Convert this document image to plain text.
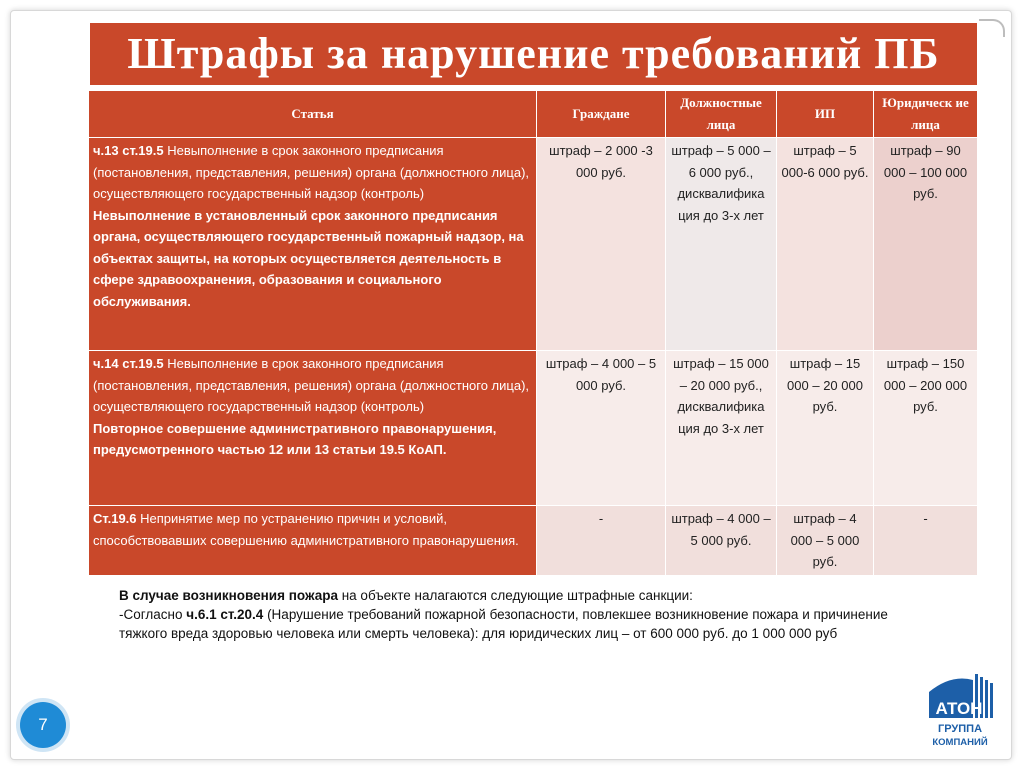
Штрафы за нарушение требований ПБ
Статья	Граждане	Должностные лица	ИП	Юридическ ие лица
ч.13 ст.19.5 Невыполнение в срок законного предписания (постановления, представления, решения) органа (должностного лица), осуществляющего государственный надзор (контроль)
Невыполнение в установленный срок законного предписания органа, осуществляющего государственный пожарный надзор, на объектах защиты, на которых осуществляется деятельность в сфере здравоохранения, образования и социального обслуживания.	штраф – 2 000 -3 000 руб.	штраф – 5 000 – 6 000 руб., дисквалифика ция до 3-х лет	штраф – 5 000-6 000 руб.	штраф – 90 000 – 100 000 руб.
ч.14 ст.19.5 Невыполнение в срок законного предписания (постановления, представления, решения) органа (должностного лица), осуществляющего государственный надзор (контроль)
Повторное совершение административного правонарушения, предусмотренного частью 12 или 13 статьи 19.5 КоАП.	штраф – 4 000 – 5 000 руб.	штраф – 15 000 – 20 000 руб., дисквалифика ция до 3-х лет	штраф – 15 000 – 20 000 руб.	штраф – 150 000 – 200 000 руб.
Ст.19.6 Непринятие мер по устранению причин и условий, способствовавших совершению административного правонарушения.	-	штраф – 4 000 – 5 000 руб.	штраф – 4 000 – 5 000 руб.	-
В случае возникновения пожара на объекте налагаются следующие штрафные санкции:
-Согласно ч.6.1 ст.20.4 (Нарушение требований пожарной безопасности, повлекшее возникновение пожара и причинение тяжкого вреда здоровью человека или смерть человека): для юридических лиц – от 600 000 руб. до 1 000 000 руб
7
АТОН
ГРУППА
КОМПАНИЙ
